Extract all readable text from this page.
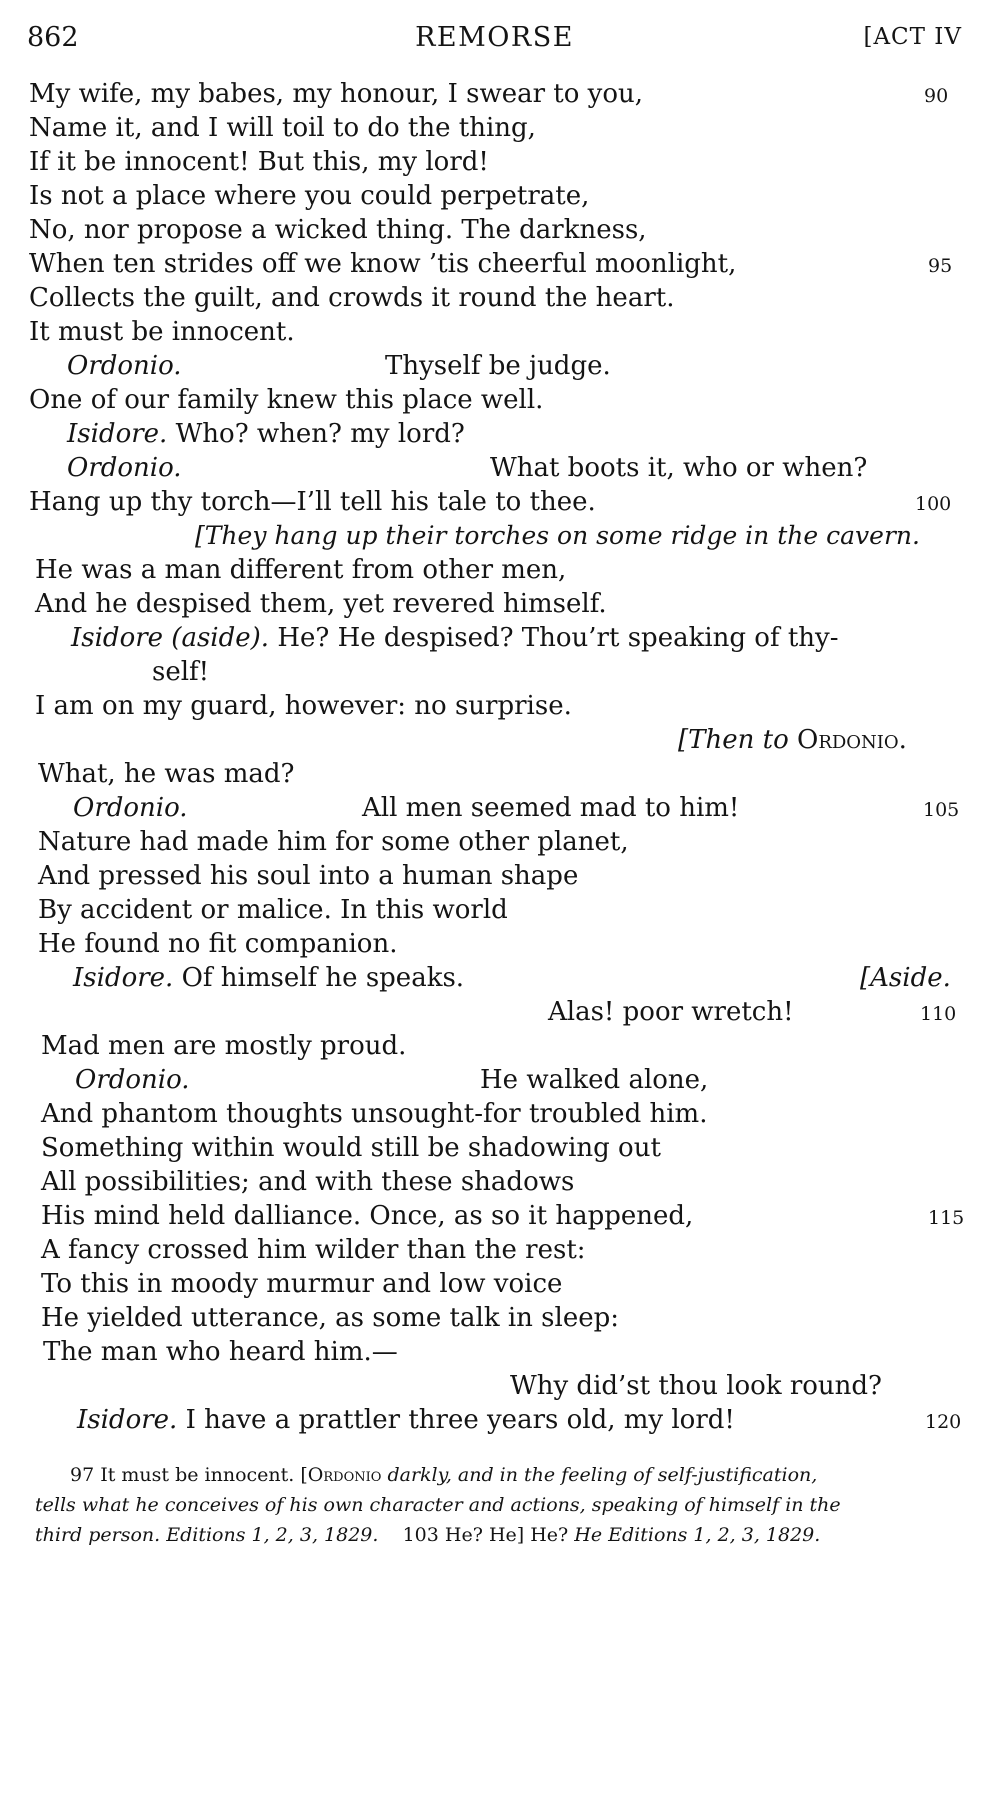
862	REMORSE	[ACT IV
My wife, my babes, my honour, I swear to you,	90
Name it, and I will toil to do the thing,
If it be innocent! But this, my lord!
Is not a place where you could perpetrate,
No, nor propose a wicked thing. The darkness,
When ten strides off we know ’tis cheerful moonlight,	95
Collects the guilt, and crowds it round the heart.
It must be innocent.
Ordonio.	Thyself be judge.
One of our family knew this place well.
Isidore. Who? when? my lord?
Ordonio.	What boots it, who or when?
Hang up thy torch—I’ll tell his tale to thee.	100
[They hang up their torches on some ridge in the cavern.
He was a man different from other men,
And he despised them, yet revered himself.
Isidore (aside). He? He despised? Thou’rt speaking of thy-
self!
I am on my guard, however: no surprise.
[Then to Ordonio.
What, he was mad?
Ordonio.	All men seemed mad to him!	105
Nature had made him for some other planet,
And pressed his soul into a human shape
By accident or malice. In this world
He found no fit companion.
Isidore. Of himself he speaks.	[Aside.
Alas! poor wretch!	110
Mad men are mostly proud.
Ordonio.	He walked alone,
And phantom thoughts unsought-for troubled him.
Something within would still be shadowing out
All possibilities; and with these shadows
His mind held dalliance. Once, as so it happened,	115
A fancy crossed him wilder than the rest:
To this in moody murmur and low voice
He yielded utterance, as some talk in sleep:
The man who heard him.—
Why did’st thou look round?
Isidore. I have a prattler three years old, my lord!	120
97 It must be innocent. [Ordonio darkly, and in the feeling of self-justification,
tells what he conceives of his own character and actions, speaking of himself in the
third person. Editions 1, 2, 3, 1829. 103 He? He] He? He Editions 1, 2, 3, 1829.
